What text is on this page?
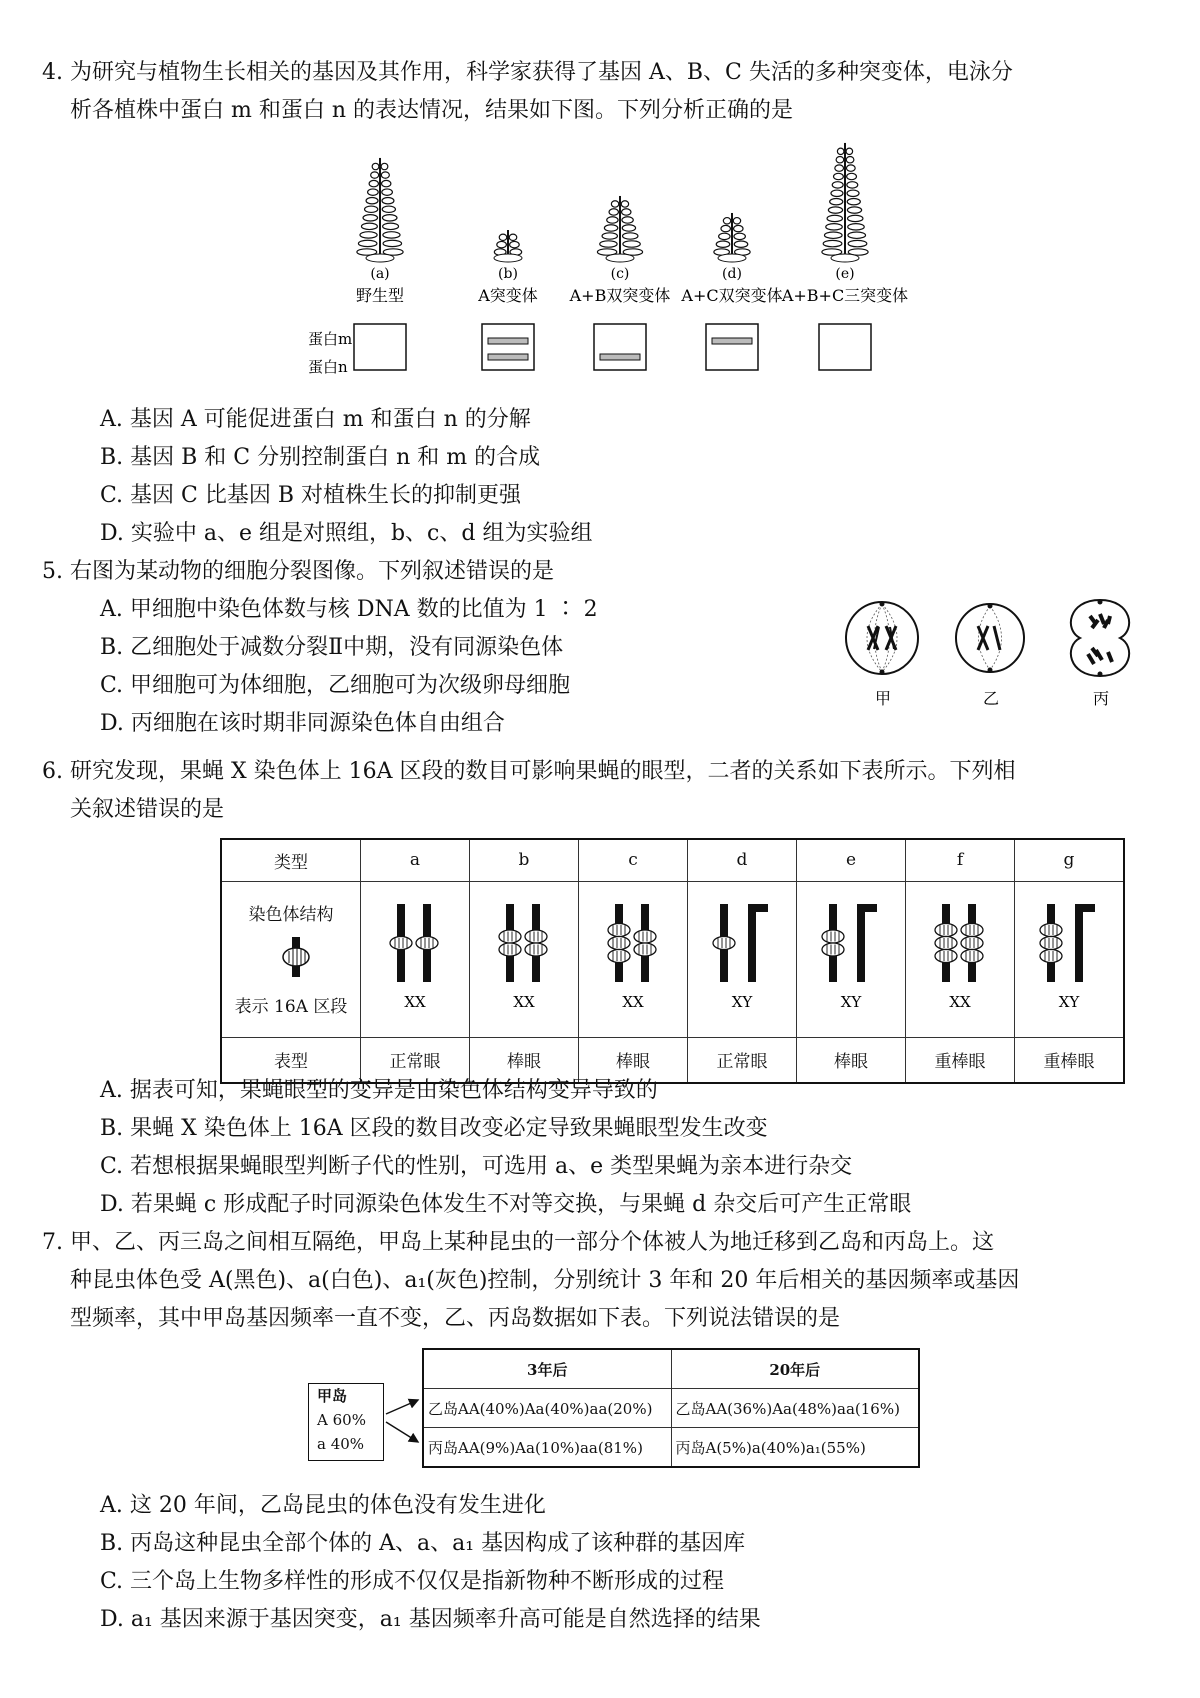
4. 为研究与植物生长相关的基因及其作用，科学家获得了基因 A、B、C 失活的多种突变体，电泳分
析各植株中蛋白 m 和蛋白 n 的表达情况，结果如下图。下列分析正确的是
(a)
野生型
(b)
A突变体
(c)
A+B双突变体
(d)
A+C双突变体
(e)
A+B+C三突变体
蛋白m
蛋白n
A. 基因 A 可能促进蛋白 m 和蛋白 n 的分解
B. 基因 B 和 C 分别控制蛋白 n 和 m 的合成
C. 基因 C 比基因 B 对植株生长的抑制更强
D. 实验中 a、e 组是对照组，b、c、d 组为实验组
5. 右图为某动物的细胞分裂图像。下列叙述错误的是
A. 甲细胞中染色体数与核 DNA 数的比值为 1 ∶ 2
B. 乙细胞处于减数分裂Ⅱ中期，没有同源染色体
C. 甲细胞可为体细胞，乙细胞可为次级卵母细胞
D. 丙细胞在该时期非同源染色体自由组合
甲	乙	丙
6. 研究发现，果蝇 X 染色体上 16A 区段的数目可影响果蝇的眼型，二者的关系如下表所示。下列相
关叙述错误的是
类型	a	b	c	d	e	f	g

染色体结构
表示 16A 区段	XX	XX	XX	XY	XY	XX	XY

表型	正常眼	棒眼	棒眼	正常眼	棒眼	重棒眼	重棒眼
A. 据表可知，果蝇眼型的变异是由染色体结构变异导致的
B. 果蝇 X 染色体上 16A 区段的数目改变必定导致果蝇眼型发生改变
C. 若想根据果蝇眼型判断子代的性别，可选用 a、e 类型果蝇为亲本进行杂交
D. 若果蝇 c 形成配子时同源染色体发生不对等交换，与果蝇 d 杂交后可产生正常眼
7. 甲、乙、丙三岛之间相互隔绝，甲岛上某种昆虫的一部分个体被人为地迁移到乙岛和丙岛上。这
种昆虫体色受 A(黑色)、a(白色)、a₁(灰色)控制，分别统计 3 年和 20 年后相关的基因频率或基因
型频率，其中甲岛基因频率一直不变，乙、丙岛数据如下表。下列说法错误的是
甲岛
A 60%
a 40%
3年后	20年后
乙岛AA(40%)Aa(40%)aa(20%)	乙岛AA(36%)Aa(48%)aa(16%)
丙岛AA(9%)Aa(10%)aa(81%)	丙岛A(5%)a(40%)a₁(55%)
A. 这 20 年间，乙岛昆虫的体色没有发生进化
B. 丙岛这种昆虫全部个体的 A、a、a₁ 基因构成了该种群的基因库
C. 三个岛上生物多样性的形成不仅仅是指新物种不断形成的过程
D. a₁ 基因来源于基因突变，a₁ 基因频率升高可能是自然选择的结果
